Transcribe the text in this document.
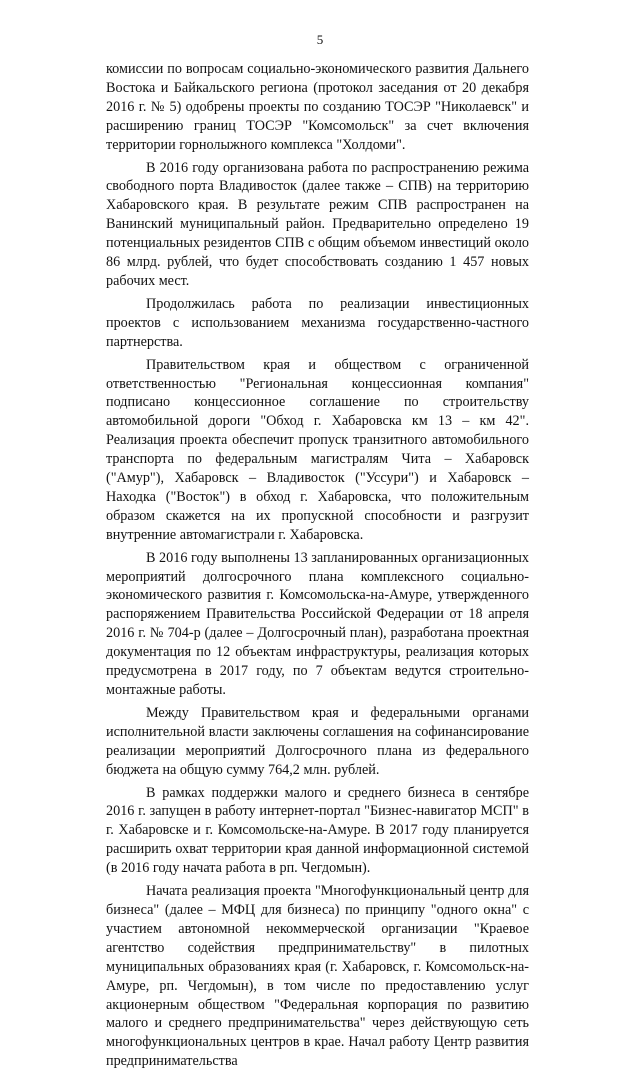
5

комиссии по вопросам социально-экономического развития Дальнего Востока и Байкальского региона (протокол заседания от 20 декабря 2016 г. № 5) одобрены проекты по созданию ТОСЭР "Николаевск" и расширению границ ТОСЭР "Комсомольск" за счет включения территории горнолыжного комплекса "Холдоми".

В 2016 году организована работа по распространению режима свободного порта Владивосток (далее также – СПВ) на территорию Хабаровского края. В результате режим СПВ распространен на Ванинский муниципальный район. Предварительно определено 19 потенциальных резидентов СПВ с общим объемом инвестиций около 86 млрд. рублей, что будет способствовать созданию 1 457 новых рабочих мест.

Продолжилась работа по реализации инвестиционных проектов с использованием механизма государственно-частного партнерства.

Правительством края и обществом с ограниченной ответственностью "Региональная концессионная компания" подписано концессионное соглашение по строительству автомобильной дороги "Обход г. Хабаровска км 13 – км 42". Реализация проекта обеспечит пропуск транзитного автомобильного транспорта по федеральным магистралям Чита – Хабаровск ("Амур"), Хабаровск – Владивосток ("Уссури") и Хабаровск – Находка ("Восток") в обход г. Хабаровска, что положительным образом скажется на их пропускной способности и разгрузит внутренние автомагистрали г. Хабаровска.

В 2016 году выполнены 13 запланированных организационных мероприятий долгосрочного плана комплексного социально-экономического развития г. Комсомольска-на-Амуре, утвержденного распоряжением Правительства Российской Федерации от 18 апреля 2016 г. № 704-р (далее – Долгосрочный план), разработана проектная документация по 12 объектам инфраструктуры, реализация которых предусмотрена в 2017 году, по 7 объектам ведутся строительно-монтажные работы.

Между Правительством края и федеральными органами исполнительной власти заключены соглашения на софинансирование реализации мероприятий Долгосрочного плана из федерального бюджета на общую сумму 764,2 млн. рублей.

В рамках поддержки малого и среднего бизнеса в сентябре 2016 г. запущен в работу интернет-портал "Бизнес-навигатор МСП" в г. Хабаровске и г. Комсомольске-на-Амуре. В 2017 году планируется расширить охват территории края данной информационной системой (в 2016 году начата работа в рп. Чегдомын).

Начата реализация проекта "Многофункциональный центр для бизнеса" (далее – МФЦ для бизнеса) по принципу "одного окна" с участием автономной некоммерческой организации "Краевое агентство содействия предпринимательству" в пилотных муниципальных образованиях края (г. Хабаровск, г. Комсомольск-на-Амуре, рп. Чегдомын), в том числе по предоставлению услуг акционерным обществом "Федеральная корпорация по развитию малого и среднего предпринимательства" через действующую сеть многофункциональных центров в крае. Начал работу Центр развития предпринимательства
